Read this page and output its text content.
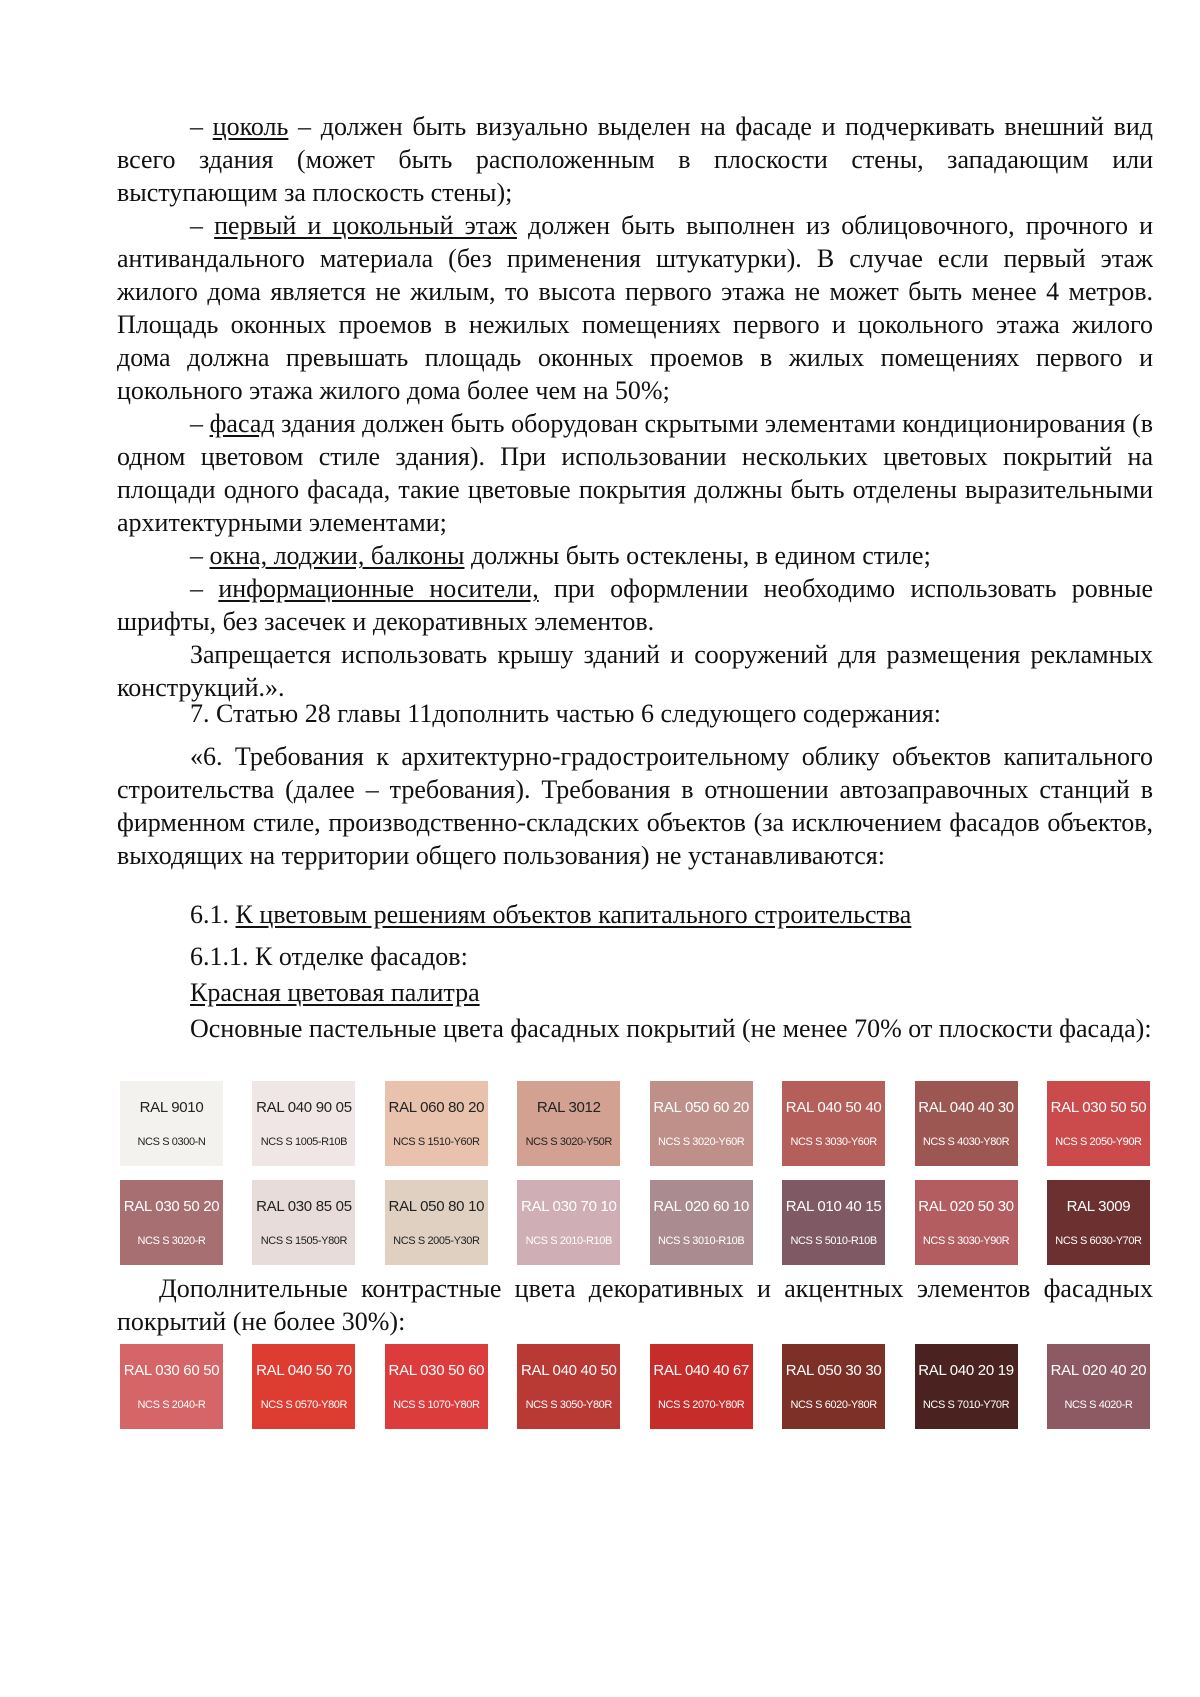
– цоколь – должен быть визуально выделен на фасаде и подчеркивать внешний вид всего здания (может быть расположенным в плоскости стены, западающим или выступающим за плоскость стены);

– первый и цокольный этаж должен быть выполнен из облицовочного, прочного и антивандального материала (без применения штукатурки). В случае если первый этаж жилого дома является не жилым, то высота первого этажа не может быть менее 4 метров. Площадь оконных проемов в нежилых помещениях первого и цокольного этажа жилого дома должна превышать площадь оконных проемов в жилых помещениях первого и цокольного этажа жилого дома более чем на 50%;

– фасад здания должен быть оборудован скрытыми элементами кондиционирования (в одном цветовом стиле здания). При использовании нескольких цветовых покрытий на площади одного фасада, такие цветовые покрытия должны быть отделены выразительными архитектурными элементами;

– окна, лоджии, балконы должны быть остеклены, в едином стиле;

– информационные носители, при оформлении необходимо использовать ровные шрифты, без засечек и декоративных элементов.

Запрещается использовать крышу зданий и сооружений для размещения рекламных конструкций.».

7. Статью 28 главы 11дополнить частью 6 следующего содержания:

«6. Требования к архитектурно-градостроительному облику объектов капитального строительства (далее – требования). Требования в отношении автозаправочных станций в фирменном стиле, производственно-складских объектов (за исключением фасадов объектов, выходящих на территории общего пользования) не устанавливаются:

6.1. К цветовым решениям объектов капитального строительства

6.1.1. К отделке фасадов:

Красная цветовая палитра

Основные пастельные цвета фасадных покрытий (не менее 70% от плоскости фасада):

RAL 9010
NCS S 0300-N
RAL 040 90 05
NCS S 1005-R10B
RAL 060 80 20
NCS S 1510-Y60R
RAL 3012
NCS S 3020-Y50R
RAL 050 60 20
NCS S 3020-Y60R
RAL 040 50 40
NCS S 3030-Y60R
RAL 040 40 30
NCS S 4030-Y80R
RAL 030 50 50
NCS S 2050-Y90R
RAL 030 50 20
NCS S 3020-R
RAL 030 85 05
NCS S 1505-Y80R
RAL 050 80 10
NCS S 2005-Y30R
RAL 030 70 10
NCS S 2010-R10B
RAL 020 60 10
NCS S 3010-R10B
RAL 010 40 15
NCS S 5010-R10B
RAL 020 50 30
NCS S 3030-Y90R
RAL 3009
NCS S 6030-Y70R

Дополнительные контрастные цвета декоративных и акцентных элементов фасадных покрытий (не более 30%):

RAL 030 60 50
NCS S 2040-R
RAL 040 50 70
NCS S 0570-Y80R
RAL 030 50 60
NCS S 1070-Y80R
RAL 040 40 50
NCS S 3050-Y80R
RAL 040 40 67
NCS S 2070-Y80R
RAL 050 30 30
NCS S 6020-Y80R
RAL 040 20 19
NCS S 7010-Y70R
RAL 020 40 20
NCS S 4020-R
